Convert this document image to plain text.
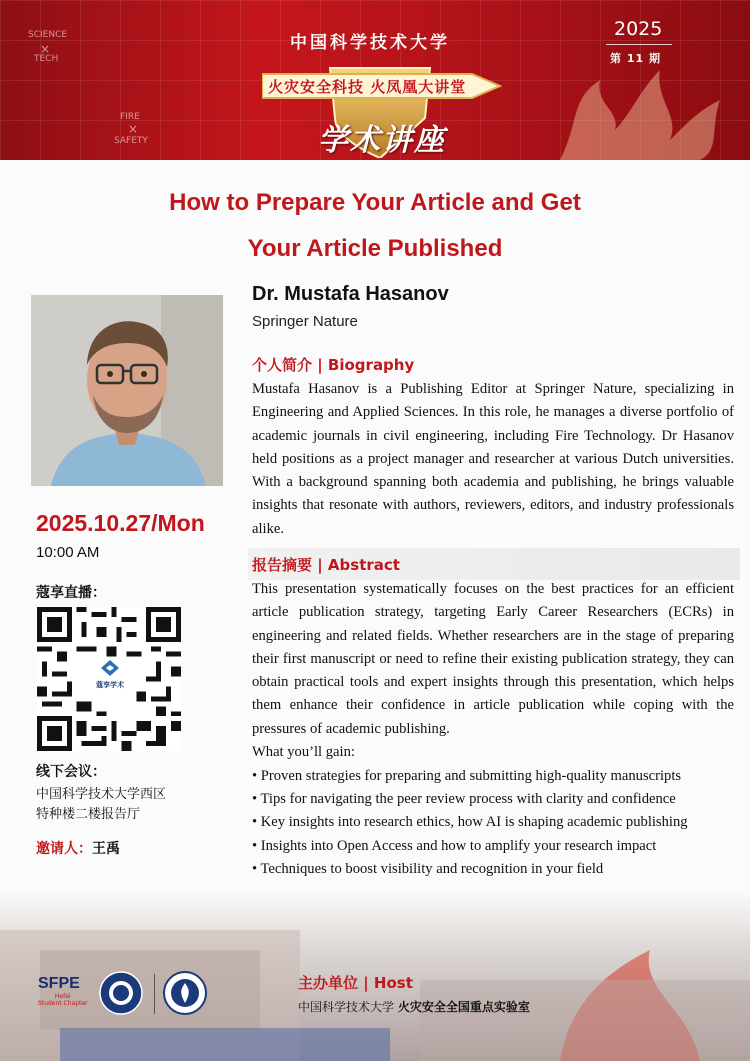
SCIENCE
×
TECH
FIRE
×
SAFETY
中国科学技术大学
火灾安全科技 火凤凰大讲堂
学术讲座
2025
第 11 期
How to Prepare Your Article and Get
Your Article Published
Dr. Mustafa Hasanov
Springer Nature
个人简介 | Biography

Mustafa Hasanov is a Publishing Editor at Springer Nature, specializing in Engineering and Applied Sciences. In this role, he manages a diverse portfolio of academic journals in civil engineering, including Fire Technology. Dr Hasanov held positions as a project manager and researcher at various Dutch universities. With a background spanning both academia and publishing, he brings valuable insights that resonate with authors, reviewers, editors, and industry professionals alike.

报告摘要 | Abstract

This presentation systematically focuses on the best practices for an efficient article publication strategy, targeting Early Career Researchers (ECRs) in engineering and related fields. Whether researchers are in the stage of preparing their first manuscript or need to refine their existing publication strategy, they can obtain practical tools and expert insights through this presentation, which helps them enhance their confidence in article publication while coping with the pressures of academic publishing.

What you’ll gain:

• Proven strategies for preparing and submitting high-quality manuscripts
• Tips for navigating the peer review process with clarity and confidence
• Key insights into research ethics, how AI is shaping academic publishing
• Insights into Open Access and how to amplify your research impact
• Techniques to boost visibility and recognition in your field
2025.10.27/Mon
10:00 AM
蔻享直播：
蔻享学术
线下会议：
中国科学技术大学西区
特种楼二楼报告厅
邀请人：王禹
SFPE
Hefei
Student Chapter
主办单位 | Host
中国科学技术大学 火灾安全全国重点实验室
